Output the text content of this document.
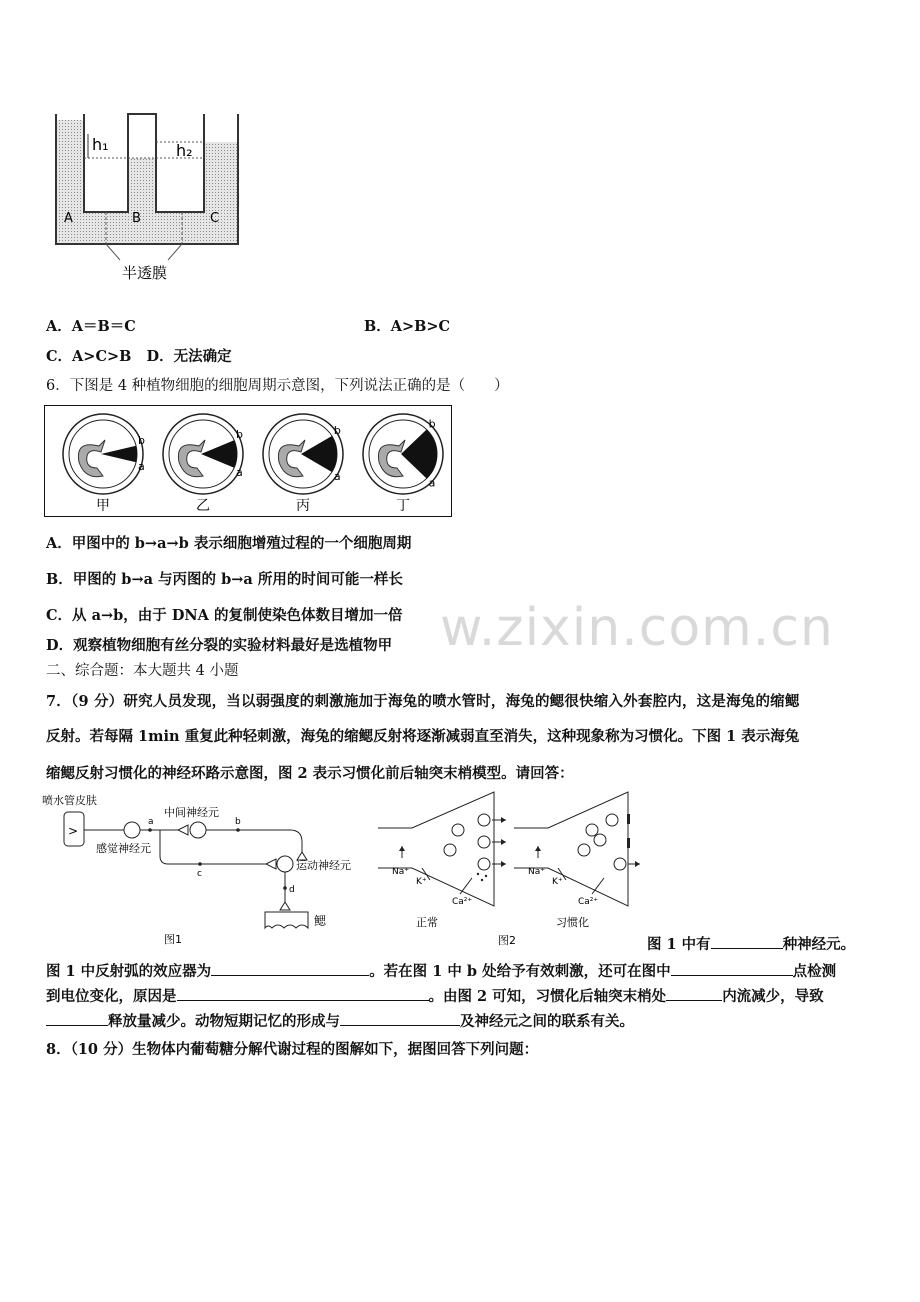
h₁	h₂
A	B	C
半透膜
A．A＝B＝C	B．A>B>C
C．A>C>B D．无法确定
6．下图是 4 种植物细胞的细胞周期示意图，下列说法正确的是（　　）
b
a
甲
b
a
乙
b
a
丙
b
a
丁
A．甲图中的 b→a→b 表示细胞增殖过程的一个细胞周期
B．甲图的 b→a 与丙图的 b→a 所用的时间可能一样长
C．从 a→b，由于 DNA 的复制使染色体数目增加一倍
D．观察植物细胞有丝分裂的实验材料最好是选植物甲 w.zixin.com.cn
二、综合题：本大题共 4 小题
7．（9 分）研究人员发现，当以弱强度的刺激施加于海兔的喷水管时，海兔的鳃很快缩入外套腔内，这是海兔的缩鳃
反射。若每隔 1min 重复此种轻刺激，海兔的缩鳃反射将逐渐减弱直至消失，这种现象称为习惯化。下图 1 表示海兔
缩鳃反射习惯化的神经环路示意图，图 2 表示习惯化前后轴突末梢模型。请回答：
喷水管皮肤
>
感觉神经元
a
中间神经元
b
c
运动神经元
d
鳃
图1
Na⁺
K⁺
Ca²⁺
正常
Na⁺
K⁺
Ca²⁺
习惯化
图2	图 1 中有	种神经元。
图 1 中反射弧的效应器为	。若在图 1 中 b 处给予有效刺激，还可在图中	点检测
到电位变化，原因是	。由图 2 可知，习惯化后轴突末梢处	内流减少，导致
释放量减少。动物短期记忆的形成与	及神经元之间的联系有关。
8．（10 分）生物体内葡萄糖分解代谢过程的图解如下，据图回答下列问题：
